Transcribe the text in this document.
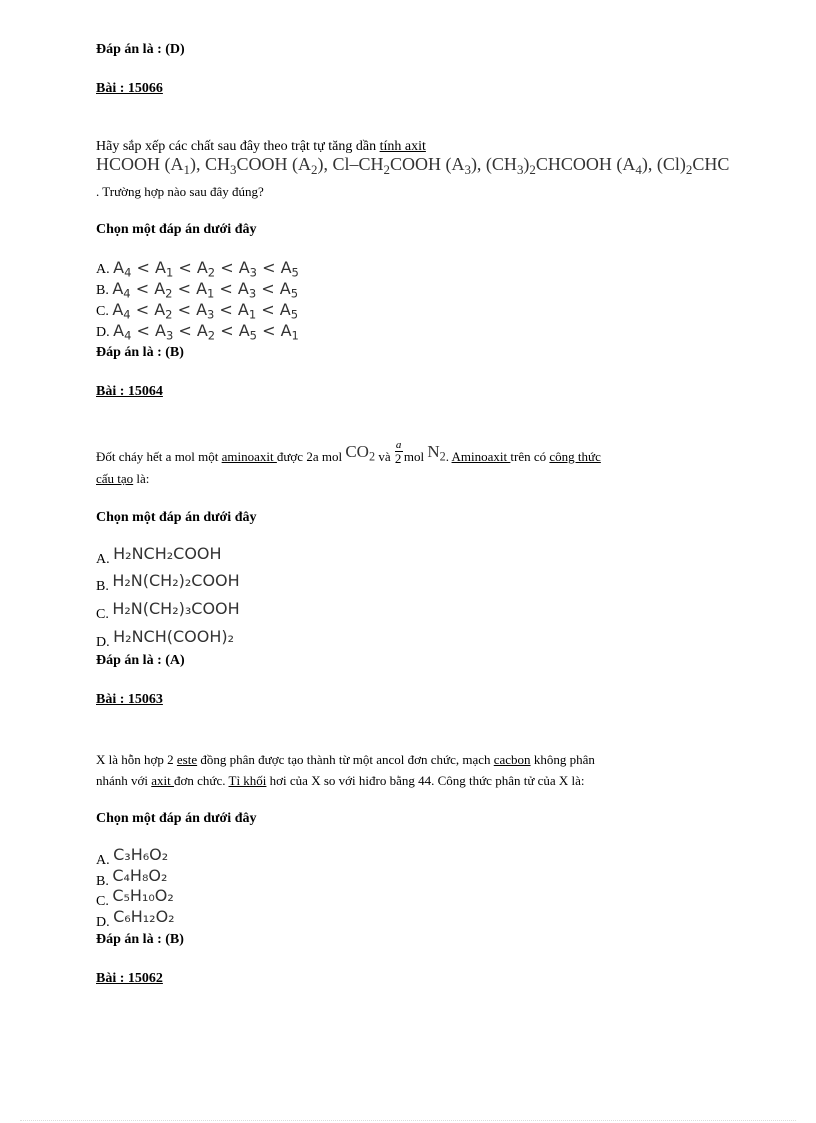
Đáp án là : (D)
Bài : 15066
Hãy sắp xếp các chất sau đây theo trật tự tăng dần tính axit
HCOOH $(A_1)$, $CH_3COOH$ $(A_2)$, $Cl-CH_2COOH$ $(A_3)$, $(CH_3)_2CHCOOH$ $(A_4)$, $(Cl)_2CHC$
. Trường hợp nào sau đây đúng?
Chọn một đáp án dưới đây
A. $A_4 < A_1 < A_2 < A_3 < A_5$
B. $A_4 < A_2 < A_1 < A_3 < A_5$
C. $A_4 < A_2 < A_3 < A_1 < A_5$
D. $A_4 < A_3 < A_2 < A_5 < A_1$
Đáp án là : (B)
Bài : 15064
Đốt cháy hết a mol một aminoaxit được 2a mol $CO_2$ và $\frac{a}{2}$ mol $N_2$. Aminoaxit trên có công thức
cấu tạo là:
Chọn một đáp án dưới đây
A. H₂NCH₂COOH
B. H₂N(CH₂)₂COOH
C. H₂N(CH₂)₃COOH
D. H₂NCH(COOH)₂
Đáp án là : (A)
Bài : 15063
X là hỗn hợp 2 este đồng phân được tạo thành từ một ancol đơn chức, mạch cacbon không phân
nhánh với axit đơn chức. Tỉ khối hơi của X so với hiđro bằng 44. Công thức phân tử của X là:
Chọn một đáp án dưới đây
A. C₃H₆O₂
B. C₄H₈O₂
C. C₅H₁₀O₂
D. C₆H₁₂O₂
Đáp án là : (B)
Bài : 15062
